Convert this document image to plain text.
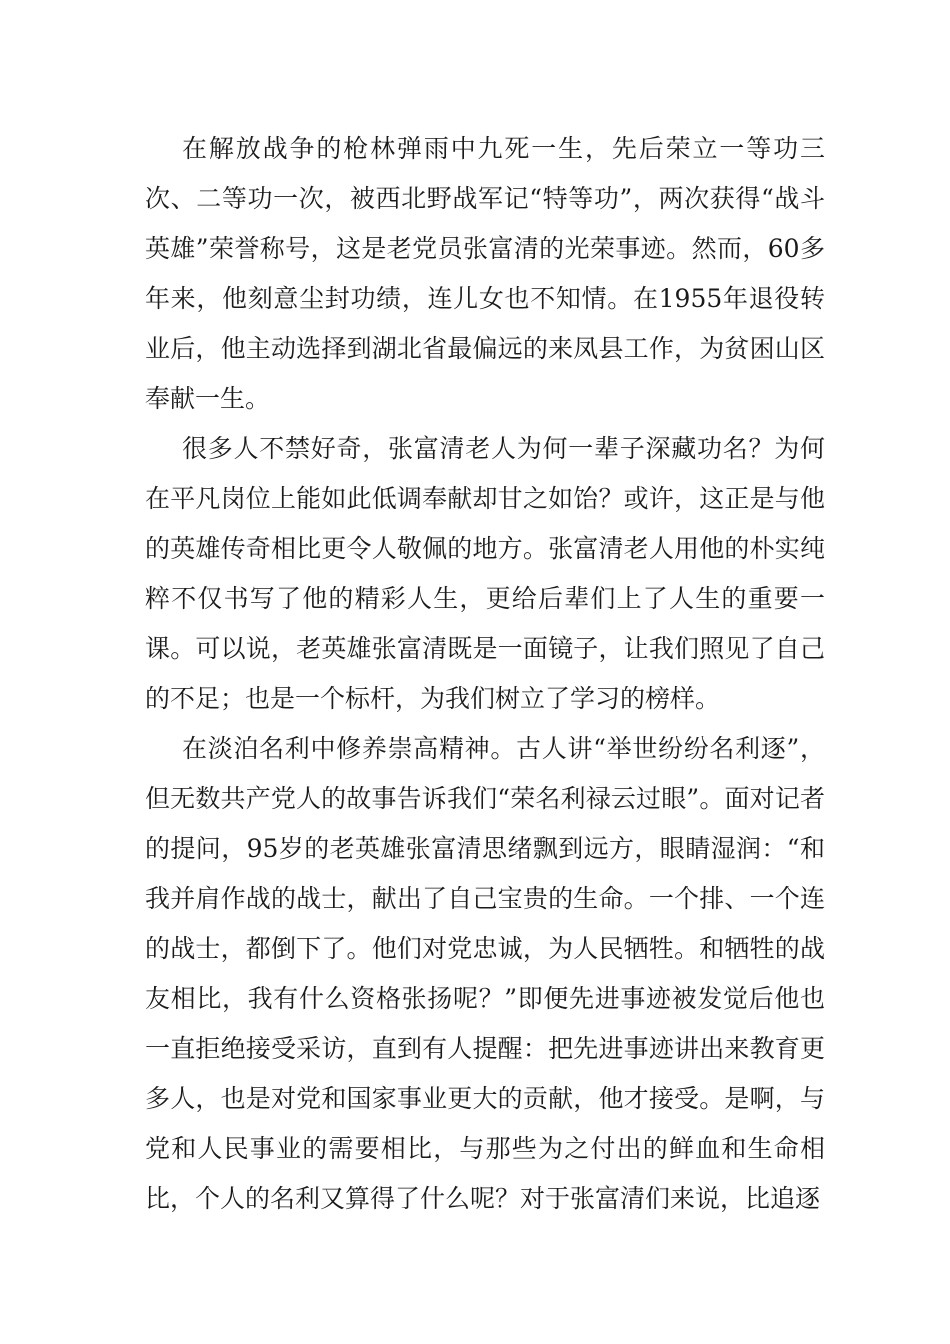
在解放战争的枪林弹雨中九死一生，先后荣立一等功三次、二等功一次，被西北野战军记“特等功”，两次获得“战斗英雄”荣誉称号，这是老党员张富清的光荣事迹。然而，60多年来，他刻意尘封功绩，连儿女也不知情。在1955年退役转业后，他主动选择到湖北省最偏远的来凤县工作，为贫困山区奉献一生。

很多人不禁好奇，张富清老人为何一辈子深藏功名？为何在平凡岗位上能如此低调奉献却甘之如饴？或许，这正是与他的英雄传奇相比更令人敬佩的地方。张富清老人用他的朴实纯粹不仅书写了他的精彩人生，更给后辈们上了人生的重要一课。可以说，老英雄张富清既是一面镜子，让我们照见了自己的不足；也是一个标杆，为我们树立了学习的榜样。

在淡泊名利中修养崇高精神。古人讲“举世纷纷名利逐”，但无数共产党人的故事告诉我们“荣名利禄云过眼”。面对记者的提问，95岁的老英雄张富清思绪飘到远方，眼睛湿润：“和我并肩作战的战士，献出了自己宝贵的生命。一个排、一个连的战士，都倒下了。他们对党忠诚，为人民牺牲。和牺牲的战友相比，我有什么资格张扬呢？”即便先进事迹被发觉后他也一直拒绝接受采访，直到有人提醒：把先进事迹讲出来教育更多人，也是对党和国家事业更大的贡献，他才接受。是啊，与党和人民事业的需要相比，与那些为之付出的鲜血和生命相比，个人的名利又算得了什么呢？对于张富清们来说，比追逐
